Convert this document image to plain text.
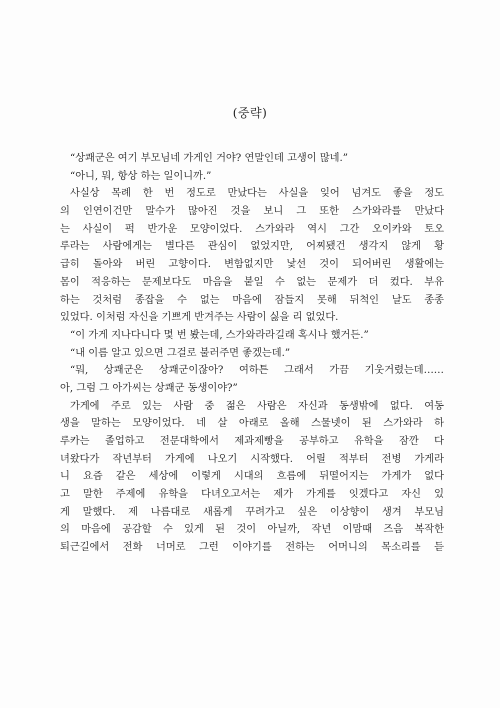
(중략)
“상쾌군은 여기 부모님네 가게인 거야? 연말인데 고생이 많네.”
“아니, 뭐, 항상 하는 일이니까.”
사실상 목례 한 번 정도로 만났다는 사실을 잊어 넘겨도 좋을 정도
의 인연이건만 말수가 많아진 것을 보니 그 또한 스가와라를 만났다
는 사실이 퍽 반가운 모양이었다. 스가와라 역시 그간 오이카와 토오
루라는 사람에게는 별다른 관심이 없었지만, 어찌됐건 생각지 않게 황
급히 돌아와 버린 고향이다. 변함없지만 낯선 것이 되어버린 생활에는
몸이 적응하는 문제보다도 마음을 붙일 수 없는 문제가 더 컸다. 부유
하는 것처럼 종잡을 수 없는 마음에 잠들지 못해 뒤척인 날도 종종
있었다. 이처럼 자신을 기쁘게 반겨주는 사람이 싫을 리 없었다.
“이 가게 지나다니다 몇 번 봤는데, 스가와라라길래 혹시나 했거든.”
“내 이름 알고 있으면 그걸로 불러주면 좋겠는데.”
“뭐, 상쾌군은 상쾌군이잖아? 여하튼 그래서 가끔 기웃거렸는데……
아, 그럼 그 아가씨는 상쾌군 동생이야?”
가게에 주로 있는 사람 중 젊은 사람은 자신과 동생밖에 없다. 여동
생을 말하는 모양이었다. 네 살 아래로 올해 스물넷이 된 스가와라 하
루카는 졸업하고 전문대학에서 제과제빵을 공부하고 유학을 잠깐 다
녀왔다가 작년부터 가게에 나오기 시작했다. 어릴 적부터 전병 가게라
니 요즘 같은 세상에 이렇게 시대의 흐름에 뒤떨어지는 가게가 없다
고 말한 주제에 유학을 다녀오고서는 제가 가게를 잇겠다고 자신 있
게 말했다. 제 나름대로 새롭게 꾸려가고 싶은 이상향이 생겨 부모님
의 마음에 공감할 수 있게 된 것이 아닐까, 작년 이맘때 즈음 복작한
퇴근길에서 전화 너머로 그런 이야기를 전하는 어머니의 목소리를 듣
